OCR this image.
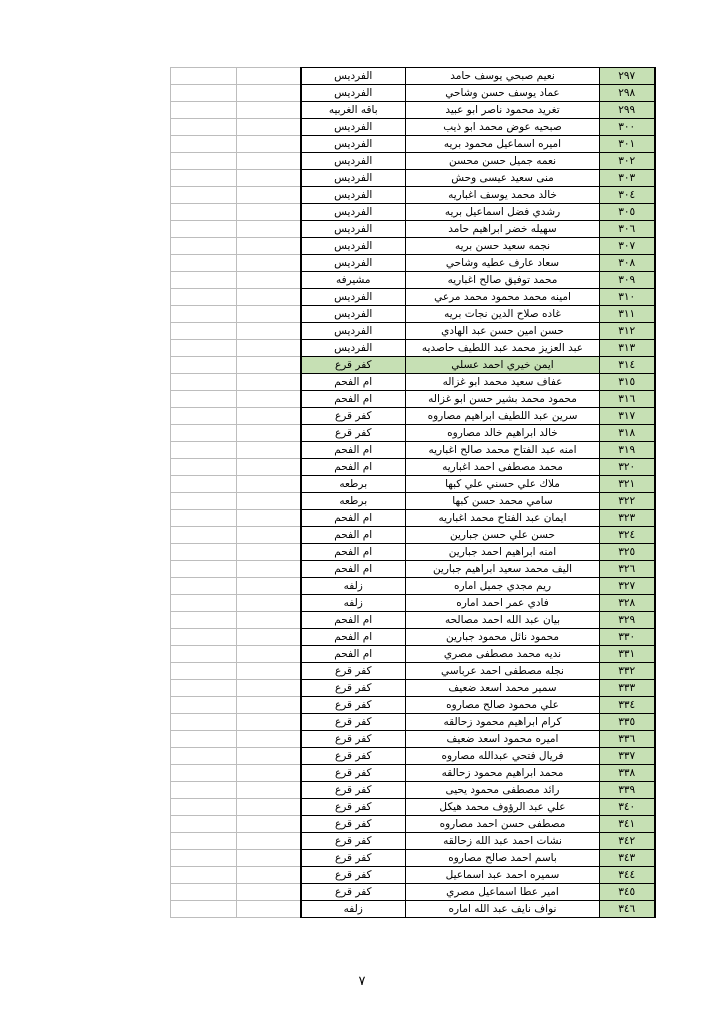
		الفرديس	نعيم صبحي يوسف حامد	٢٩٧
		الفرديس	عماد يوسف حسن وشاحي	٢٩٨
		باقه الغربيه	تغريد محمود ناصر ابو عبيد	٢٩٩
		الفرديس	صبحيه عوض محمد ابو ذيب	٣٠٠
		الفرديس	اميره اسماعيل محمود بريه	٣٠١
		الفرديس	نعمه جميل حسن محسن	٣٠٢
		الفرديس	منى سعيد عيسى وحش	٣٠٣
		الفرديس	خالد محمد يوسف اغباريه	٣٠٤
		الفرديس	رشدي فضل اسماعيل بريه	٣٠٥
		الفرديس	سهيله خضر ابراهيم حامد	٣٠٦
		الفرديس	نجمه سعيد حسن بريه	٣٠٧
		الفرديس	سعاد عارف عطيه وشاحي	٣٠٨
		مشيرفه	محمد توفيق صالح اغباريه	٣٠٩
		الفرديس	امينه محمد محمود محمد مرعي	٣١٠
		الفرديس	غاده صلاح الدين نجات بريه	٣١١
		الفرديس	حسن امين حسن عبد الهادي	٣١٢
		الفرديس	عبد العزيز محمد عبد اللطيف حاصديه	٣١٣
		كفر قرع	ايمن خيري احمد عسلي	٣١٤
		ام الفحم	عفاف سعيد محمد ابو غزاله	٣١٥
		ام الفحم	محمود محمد بشير حسن ابو غزاله	٣١٦
		كفر قرع	سرين عبد اللطيف ابراهيم مصاروه	٣١٧
		كفر قرع	خالد ابراهيم خالد مصاروه	٣١٨
		ام الفحم	امنه عبد الفتاح محمد صالح اغباريه	٣١٩
		ام الفحم	محمد مصطفى احمد اغباريه	٣٢٠
		برطعه	ملاك علي حسني علي كبها	٣٢١
		برطعه	سامي محمد حسن كبها	٣٢٢
		ام الفحم	ايمان عبد الفتاح محمد اغباريه	٣٢٣
		ام الفحم	حسن علي حسن جبارين	٣٢٤
		ام الفحم	امنه ابراهيم احمد جبارين	٣٢٥
		ام الفحم	اليف محمد سعيد ابراهيم جبارين	٣٢٦
		زلفه	ريم مجدي جميل اماره	٣٢٧
		زلفه	فادي عمر احمد اماره	٣٢٨
		ام الفحم	بيان عبد الله احمد مصالحه	٣٢٩
		ام الفحم	محمود نائل محمود جبارين	٣٣٠
		ام الفحم	نديه محمد مصطفى مصري	٣٣١
		كفر قرع	نجله مصطفى احمد عرباسي	٣٣٢
		كفر قرع	سمير محمد اسعد ضعيف	٣٣٣
		كفر قرع	علي محمود صالح مصاروه	٣٣٤
		كفر قرع	كرام ابراهيم محمود زحالقه	٣٣٥
		كفر قرع	اميره محمود اسعد ضعيف	٣٣٦
		كفر قرع	فريال فتحي عبدالله مصاروه	٣٣٧
		كفر قرع	محمد ابراهيم محمود زحالقه	٣٣٨
		كفر قرع	رائد مصطفى محمود يحيى	٣٣٩
		كفر قرع	علي عبد الرؤوف محمد هيكل	٣٤٠
		كفر قرع	مصطفى حسن احمد مصاروه	٣٤١
		كفر قرع	نشات احمد عبد الله زحالقه	٣٤٢
		كفر قرع	باسم احمد صالح مصاروه	٣٤٣
		كفر قرع	سميره احمد عبد اسماعيل	٣٤٤
		كفر قرع	امير عطا اسماعيل مصري	٣٤٥
		زلفه	نواف نايف عبد الله اماره	٣٤٦
٧
